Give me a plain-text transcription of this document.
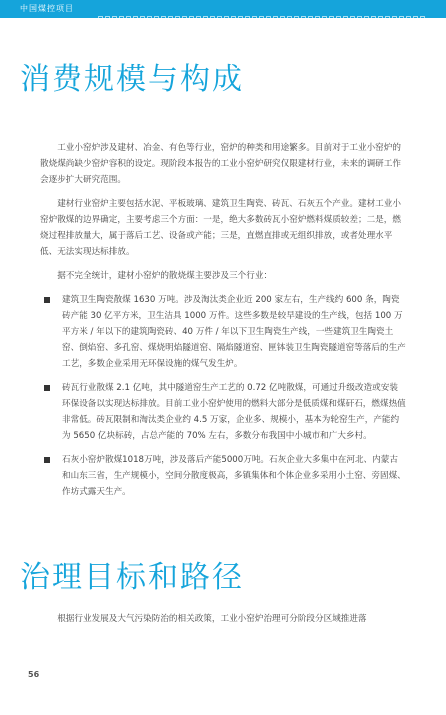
中国煤控项目
消费规模与构成

工业小窑炉涉及建材、冶金、有色等行业，窑炉的种类和用途繁多。目前对于工业小窑炉的散烧煤尚缺少窑炉容积的设定。现阶段本报告的工业小窑炉研究仅限建材行业，未来的调研工作会逐步扩大研究范围。

建材行业窑炉主要包括水泥、平板玻璃、建筑卫生陶瓷、砖瓦、石灰五个产业。建材工业小窑炉散煤的边界确定，主要考虑三个方面：一是，绝大多数砖瓦小窑炉燃料煤质较差；二是，燃烧过程排放量大，属于落后工艺、设备或产能；三是，直燃直排或无组织排放，或者处理水平低、无法实现达标排放。

据不完全统计，建材小窑炉的散烧煤主要涉及三个行业：

建筑卫生陶瓷散煤 1630 万吨。涉及淘汰类企业近 200 家左右，生产线约 600 条，陶瓷砖产能 30 亿平方米，卫生洁具 1000 万件。这些多数是较早建设的生产线，包括 100 万平方米 / 年以下的建筑陶瓷砖、40 万件 / 年以下卫生陶瓷生产线，一些建筑卫生陶瓷土窑、倒焰窑、多孔窑、煤烧明焰隧道窑、隔焰隧道窑、匣钵装卫生陶瓷隧道窑等落后的生产工艺，多数企业采用无环保设施的煤气发生炉。
砖瓦行业散煤 2.1 亿吨，其中隧道窑生产工艺的 0.72 亿吨散煤，可通过升级改造或安装环保设备以实现达标排放。目前工业小窑炉使用的燃料大部分是低质煤和煤矸石，燃煤热值非常低。砖瓦限制和淘汰类企业约 4.5 万家，企业多、规模小，基本为轮窑生产，产能约为 5650 亿块标砖，占总产能的 70% 左右，多数分布我国中小城市和广大乡村。
石灰小窑炉散煤1018万吨，涉及落后产能5000万吨。石灰企业大多集中在河北、内蒙古和山东三省，生产规模小，空间分散度极高，多镇集体和个体企业多采用小土窑、旁固煤、作坊式露天生产。
治理目标和路径
根据行业发展及大气污染防治的相关政策，工业小窑炉治理可分阶段分区域推进落
56
